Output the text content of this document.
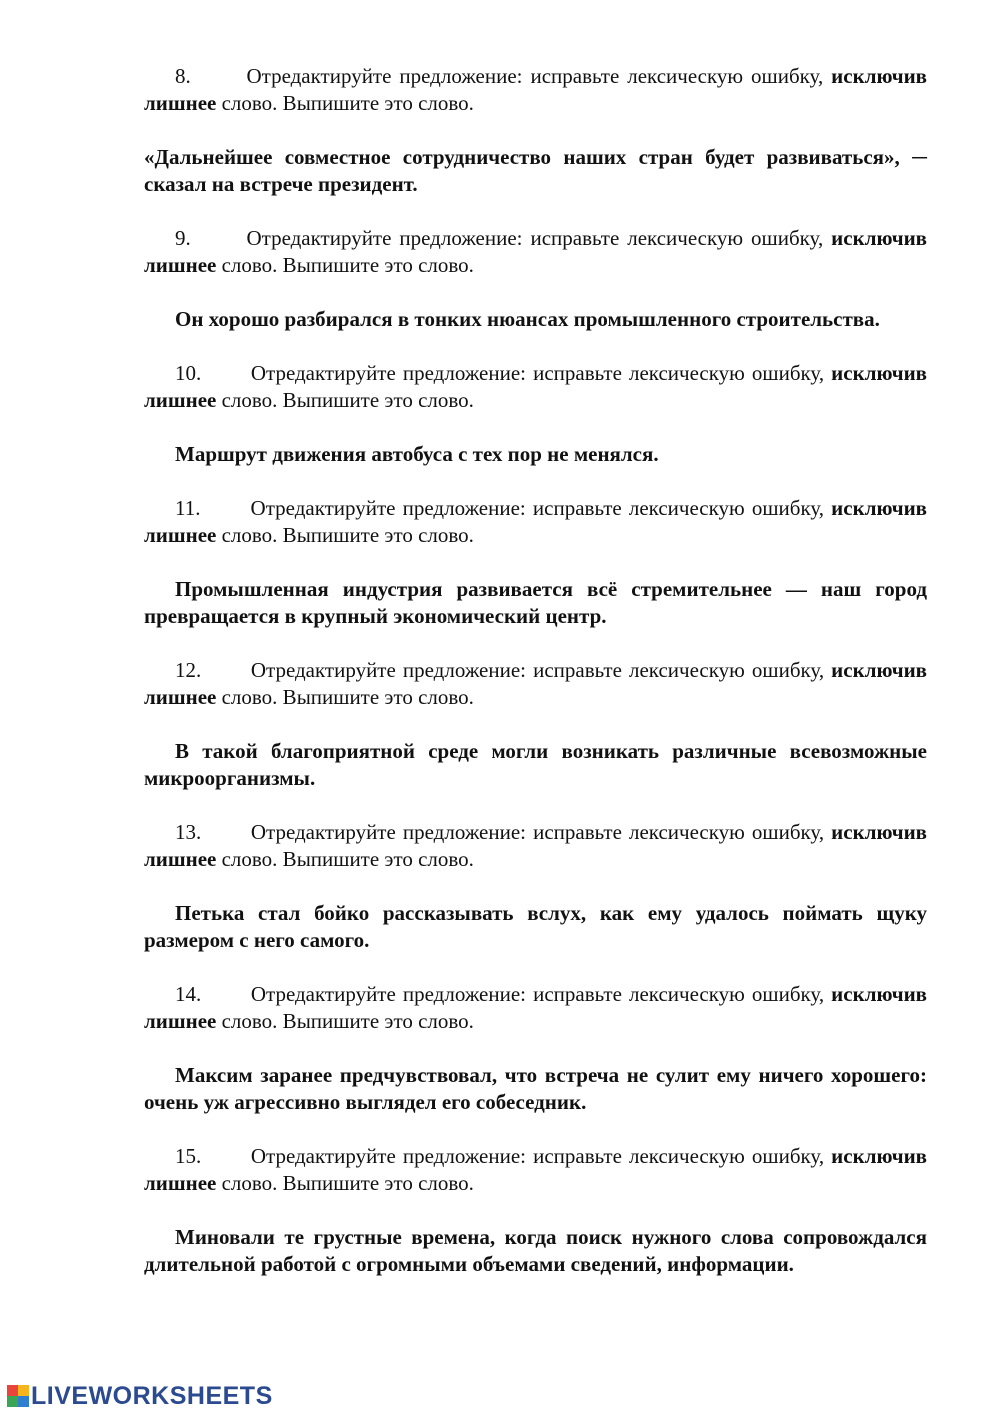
8.	Отредактируйте предложение: исправьте лексическую ошибку, исключив лишнее слово. Выпишите это слово.

«Дальнейшее совместное сотрудничество наших стран будет развиваться», ─ сказал на встрече президент.

9.	Отредактируйте предложение: исправьте лексическую ошибку, исключив лишнее слово. Выпишите это слово.

Он хорошо разбирался в тонких нюансах промышленного строительства.

10. Отредактируйте предложение: исправьте лексическую ошибку, исключив лишнее слово. Выпишите это слово.

Маршрут движения автобуса с тех пор не менялся.

11. Отредактируйте предложение: исправьте лексическую ошибку, исключив лишнее слово. Выпишите это слово.

Промышленная индустрия развивается всё стремительнее — наш город превращается в крупный экономический центр.

12. Отредактируйте предложение: исправьте лексическую ошибку, исключив лишнее слово. Выпишите это слово.

В такой благоприятной среде могли возникать различные всевозможные микроорганизмы.

13. Отредактируйте предложение: исправьте лексическую ошибку, исключив лишнее слово. Выпишите это слово.

Петька стал бойко рассказывать вслух, как ему удалось поймать щуку размером с него самого.

14. Отредактируйте предложение: исправьте лексическую ошибку, исключив лишнее слово. Выпишите это слово.

Максим заранее предчувствовал, что встреча не сулит ему ничего хорошего: очень уж агрессивно выглядел его собеседник.

15. Отредактируйте предложение: исправьте лексическую ошибку, исключив лишнее слово. Выпишите это слово.

Миновали те грустные времена, когда поиск нужного слова сопровождался длительной работой с огромными объемами сведений, информации.

LIVEWORKSHEETS
